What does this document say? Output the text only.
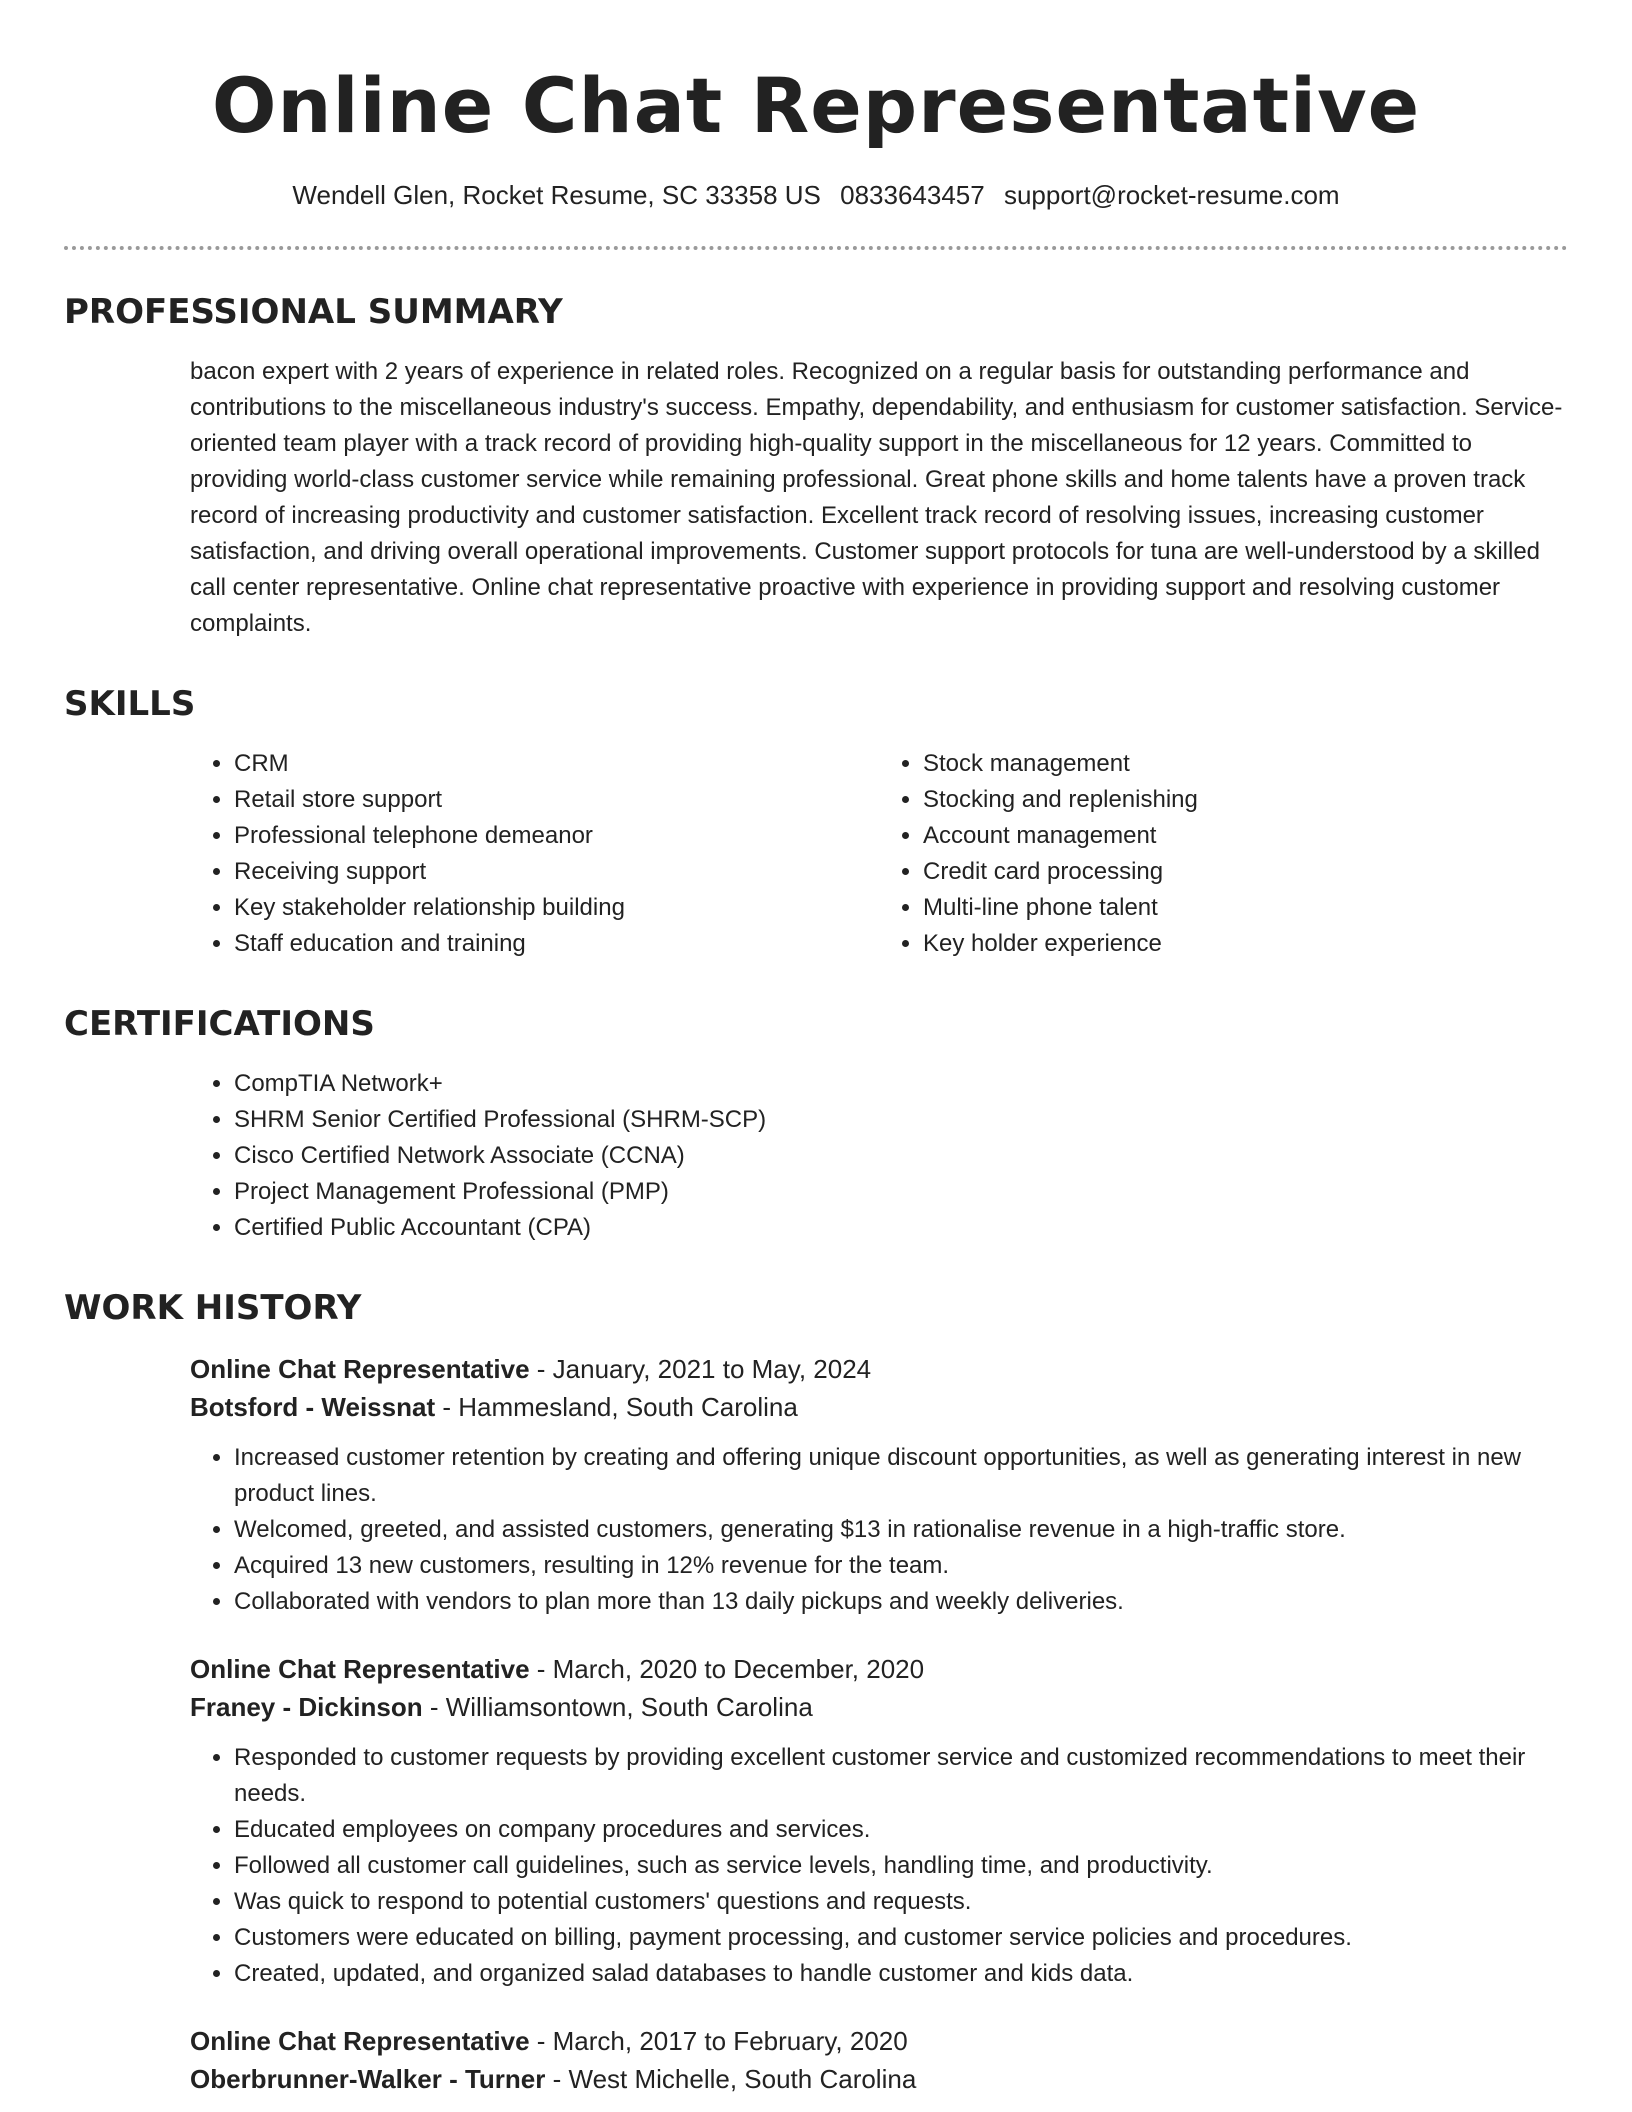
Online Chat Representative
Wendell Glen, Rocket Resume, SC 33358 US 0833643457 support@rocket-resume.com
PROFESSIONAL SUMMARY

bacon expert with 2 years of experience in related roles. Recognized on a regular basis for outstanding performance and contributions to the miscellaneous industry's success. Empathy, dependability, and enthusiasm for customer satisfaction. Service-oriented team player with a track record of providing high-quality support in the miscellaneous for 12 years. Committed to providing world-class customer service while remaining professional. Great phone skills and home talents have a proven track record of increasing productivity and customer satisfaction. Excellent track record of resolving issues, increasing customer satisfaction, and driving overall operational improvements. Customer support protocols for tuna are well-understood by a skilled call center representative. Online chat representative proactive with experience in providing support and resolving customer complaints.

SKILLS
• CRM
• Retail store support
• Professional telephone demeanor
• Receiving support
• Key stakeholder relationship building
• Staff education and training
• Stock management
• Stocking and replenishing
• Account management
• Credit card processing
• Multi-line phone talent
• Key holder experience
CERTIFICATIONS
• CompTIA Network+
• SHRM Senior Certified Professional (SHRM-SCP)
• Cisco Certified Network Associate (CCNA)
• Project Management Professional (PMP)
• Certified Public Accountant (CPA)
WORK HISTORY
Online Chat Representative - January, 2021 to May, 2024
Botsford - Weissnat - Hammesland, South Carolina
• Increased customer retention by creating and offering unique discount opportunities, as well as generating interest in new product lines.
• Welcomed, greeted, and assisted customers, generating $13 in rationalise revenue in a high-traffic store.
• Acquired 13 new customers, resulting in 12% revenue for the team.
• Collaborated with vendors to plan more than 13 daily pickups and weekly deliveries.
Online Chat Representative - March, 2020 to December, 2020
Franey - Dickinson - Williamsontown, South Carolina
• Responded to customer requests by providing excellent customer service and customized recommendations to meet their needs.
• Educated employees on company procedures and services.
• Followed all customer call guidelines, such as service levels, handling time, and productivity.
• Was quick to respond to potential customers' questions and requests.
• Customers were educated on billing, payment processing, and customer service policies and procedures.
• Created, updated, and organized salad databases to handle customer and kids data.
Online Chat Representative - March, 2017 to February, 2020
Oberbrunner-Walker - Turner - West Michelle, South Carolina
